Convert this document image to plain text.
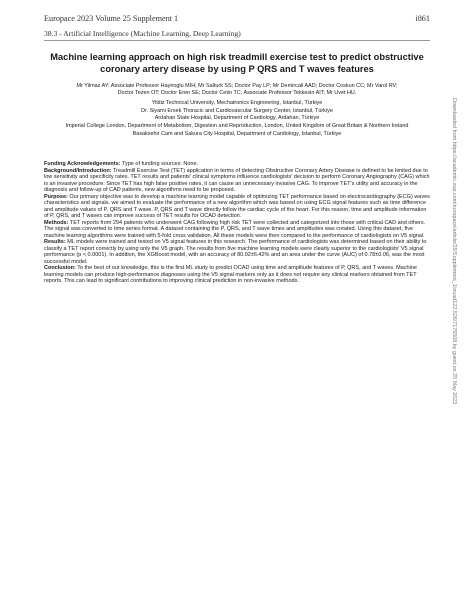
Europace 2023 Volume 25 Supplement 1	i861
38.3 - Artificial Intelligence (Machine Learning, Deep Learning)
Machine learning approach on high risk treadmill exercise test to predict obstructive coronary artery disease by using P QRS and T waves features
Mr Yilmaz AY; Associate Professor Hayiroglu MIH; Mr Salturk SS; Doctor Pay LP; Mr Demircali AAD; Doctor Coskun CC; Mr Varol RV;
Doctor Tezen OT; Doctor Eren SE; Doctor Cetin TC; Associate Professor Tekkesin AIT; Mr Uvet HU.
Yildiz Technical University, Mechatronics Engineering, Istanbul, Türkiye
Dr. Siyami Ersek Thoracic and Cardiovascular Surgery Center, Istanbul, Türkiye
Ardahan State Hospital, Department of Cardiology, Ardahan, Türkiye
Imperial College London, Department of Metabolism, Digestion and Reproduction, London, United Kingdom of Great Britain & Northern Ireland
Basaksehir Cam and Sakura City Hospital, Department of Cardiology, Istanbul, Türkiye

Funding Acknowledgements: Type of funding sources: None.

Background/Introduction: Treadmill Exercise Test (TET) application in terms of detecting Obstructive Coronary Artery Disease is defined to be limited due to low sensitivity and specificity rates. TET results and patients' clinical symptoms influence cardiologists' decision to perform Coronary Angiography (CAG) which is an invasive procedure. Since TET has high false positive rates, it can cause an unnecessary invasive CAG. To improve TET's utility and accuracy in the diagnosis and follow-up of CAD patients, new algorithms need to be proposed.

Purpose: Our primary objective was to develop a machine learning model capable of optimizing TET performance based on electrocardiography (ECG) waves characteristics and signals. we aimed to evaluate the performance of a new algorithm which was based on using ECG signal features such as time difference and amplitude values of P, QRS and T wave. P, QRS and T wave directly follow the cardiac cycle of the heart. For this reason, time and amplitude information of P, QRS, and T waves can improve success of TET results for OCAD detection.

Methods: TET reports from 294 patients who underwent CAG following high risk TET were collected and categorized into those with critical CAD and others. The signal was converted to time series format. A dataset containing the P, QRS, and T wave times and amplitudes was created. Using this dataset, five machine learning algorithms were trained with 5-fold cross validation. All these models were then compared to the performance of cardiologists on V5 signal.

Results: ML models were trained and tested on V5 signal features in this research. The performance of cardiologists was determined based on their ability to classify a TET report correctly by using only the V5 graph. The results from five machine learning models were clearly superior to the cardiologists' V5 signal performance (p < 0.0001). In addition, the XGBoost model, with an accuracy of 80.92±6.42% and an area under the curve (AUC) of 0.78±0.06, was the most successful model.

Conclusion: To the best of our knowledge, this is the first ML study to predict OCAD using time and amplitude features of P, QRS, and T waves. Machine learning models can produce high-performance diagnoses using the V5 signal markers only as it does not require any clinical markers obtained from TET reports. This can lead to significant contributions to improving clinical prediction in non-invasive methods.	Downloaded from https://academic.oup.com/europace/article/25/Supplement_1/euad122.526/7176508 by guest on 25 May 2023
